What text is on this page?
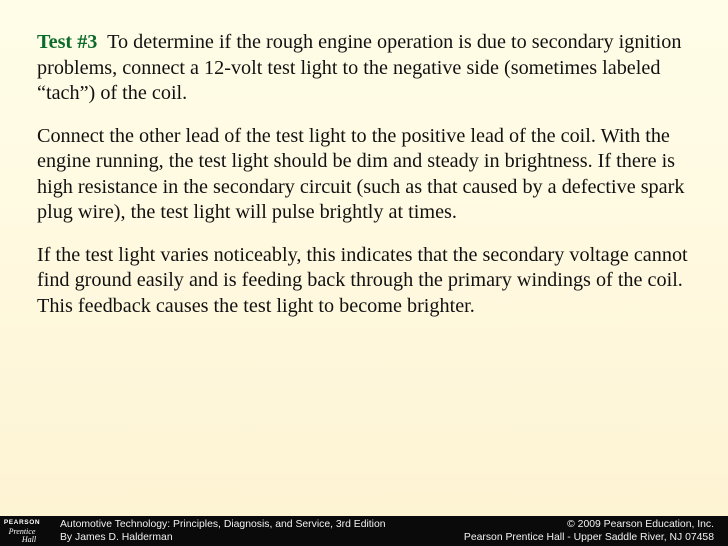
Test #3  To determine if the rough engine operation is due to secondary ignition problems, connect a 12-volt test light to the negative side (sometimes labeled “tach”) of the coil.

Connect the other lead of the test light to the positive lead of the coil. With the engine running, the test light should be dim and steady in brightness. If there is high resistance in the secondary circuit (such as that caused by a defective spark plug wire), the test light will pulse brightly at times.

If the test light varies noticeably, this indicates that the secondary voltage cannot find ground easily and is feeding back through the primary windings of the coil. This feedback causes the test light to become brighter.

PEARSON
Prentice
Hall
Automotive Technology: Principles, Diagnosis, and Service, 3rd Edition
By James D. Halderman
© 2009 Pearson Education, Inc.
Pearson Prentice Hall - Upper Saddle River, NJ 07458
